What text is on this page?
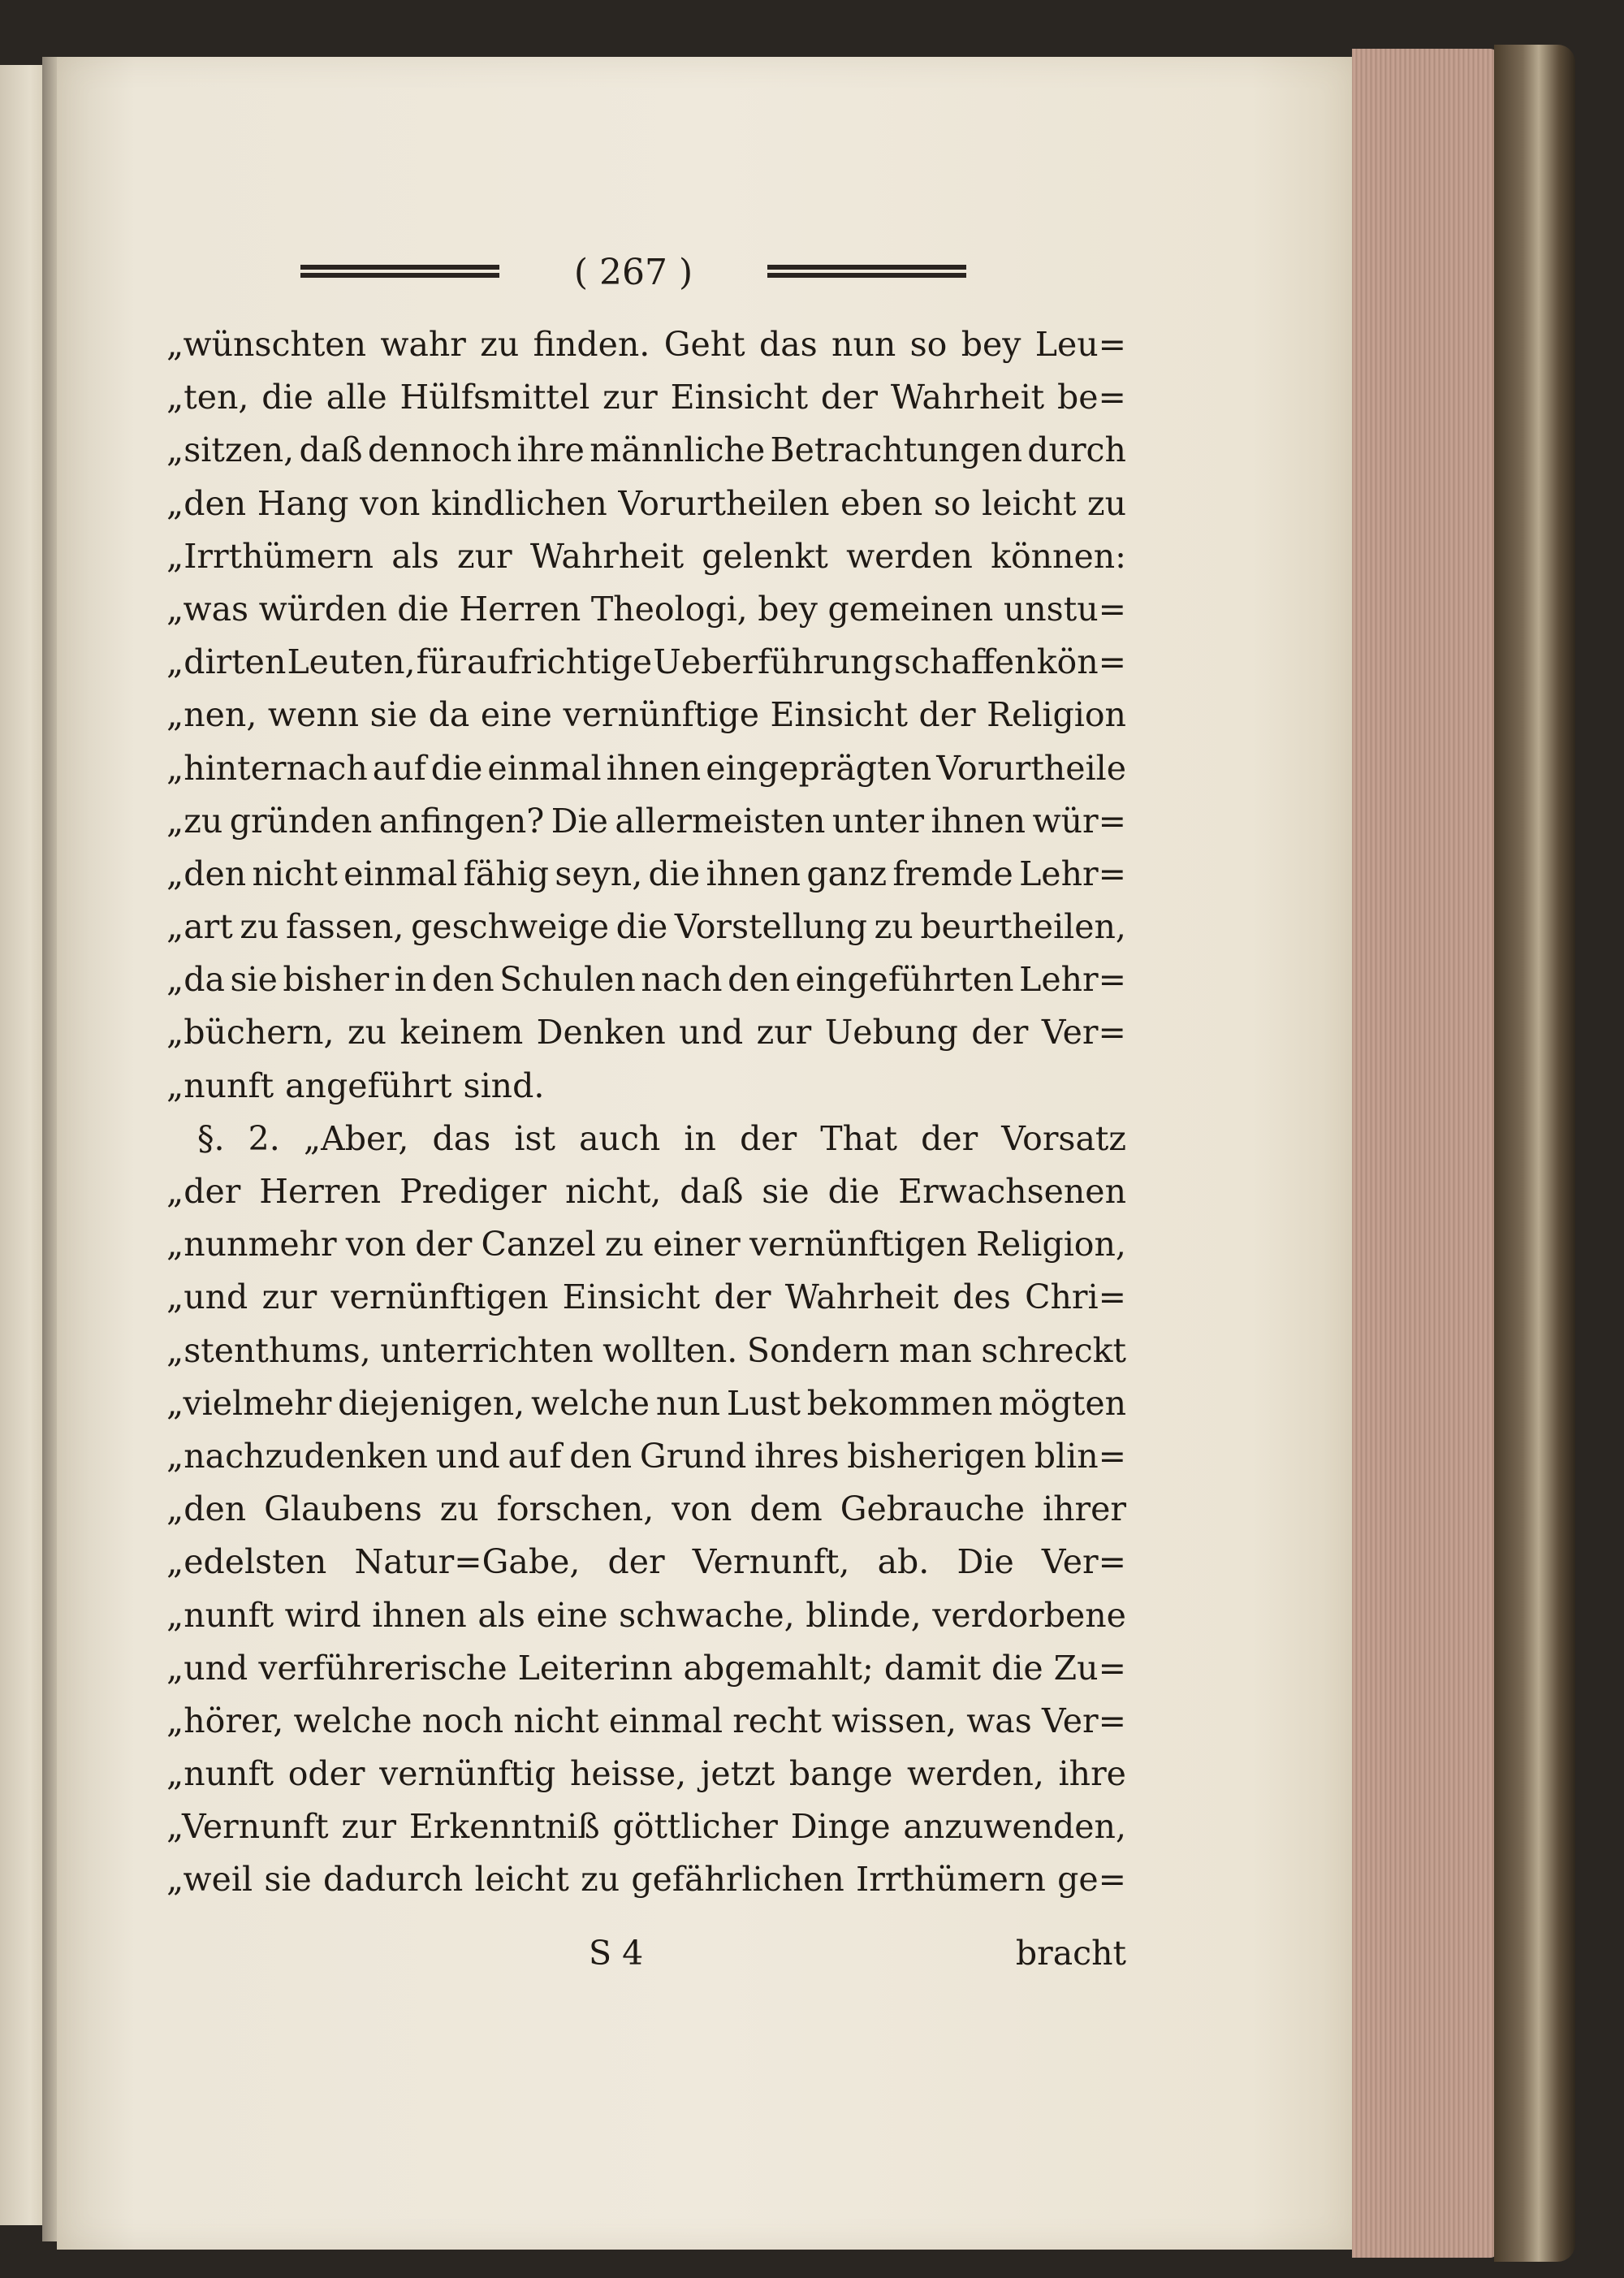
( 267 )
„wünschten wahr zu finden. Geht das nun so bey Leu=
„ten, die alle Hülfsmittel zur Einsicht der Wahrheit be=
„sitzen, daß dennoch ihre männliche Betrachtungen durch
„den Hang von kindlichen Vorurtheilen eben so leicht zu
„Irrthümern als zur Wahrheit gelenkt werden können:
„was würden die Herren Theologi, bey gemeinen unstu=
„dirten Leuten, für aufrichtige Ueberführung schaffen kön=
„nen, wenn sie da eine vernünftige Einsicht der Religion
„hinternach auf die einmal ihnen eingeprägten Vorurtheile
„zu gründen anfingen? Die allermeisten unter ihnen wür=
„den nicht einmal fähig seyn, die ihnen ganz fremde Lehr=
„art zu fassen, geschweige die Vorstellung zu beurtheilen,
„da sie bisher in den Schulen nach den eingeführten Lehr=
„büchern, zu keinem Denken und zur Uebung der Ver=
„nunft angeführt sind.
§. 2. „Aber, das ist auch in der That der Vorsatz
„der Herren Prediger nicht, daß sie die Erwachsenen
„nunmehr von der Canzel zu einer vernünftigen Religion,
„und zur vernünftigen Einsicht der Wahrheit des Chri=
„stenthums, unterrichten wollten. Sondern man schreckt
„vielmehr diejenigen, welche nun Lust bekommen mögten
„nachzudenken und auf den Grund ihres bisherigen blin=
„den Glaubens zu forschen, von dem Gebrauche ihrer
„edelsten Natur=Gabe, der Vernunft, ab. Die Ver=
„nunft wird ihnen als eine schwache, blinde, verdorbene
„und verführerische Leiterinn abgemahlt; damit die Zu=
„hörer, welche noch nicht einmal recht wissen, was Ver=
„nunft oder vernünftig heisse, jetzt bange werden, ihre
„Vernunft zur Erkenntniß göttlicher Dinge anzuwenden,
„weil sie dadurch leicht zu gefährlichen Irrthümern ge=
S 4	bracht
